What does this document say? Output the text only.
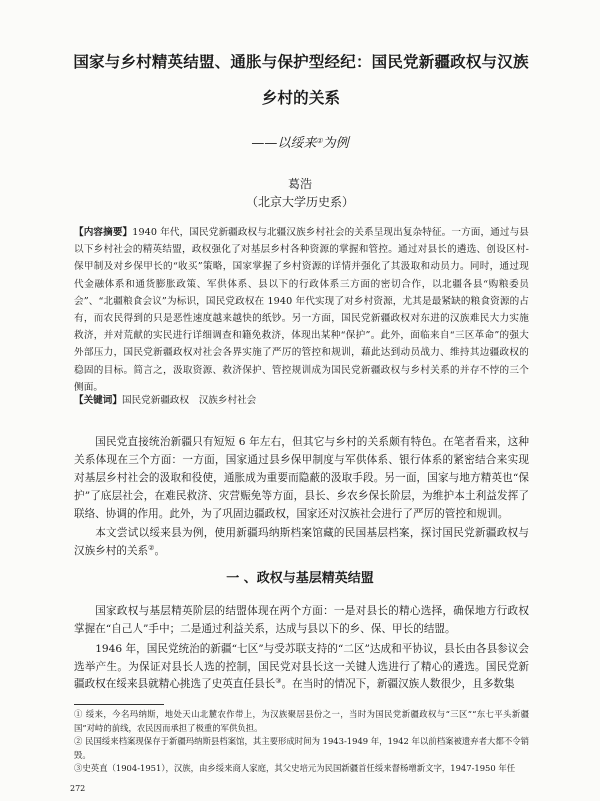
国家与乡村精英结盟、通胀与保护型经纪：国民党新疆政权与汉族乡村的关系
——以绥来①为例
葛浩
（北京大学历史系）
【内容摘要】1940 年代，国民党新疆政权与北疆汉族乡村社会的关系呈现出复杂特征。一方面，通过与县以下乡村社会的精英结盟，政权强化了对基层乡村各种资源的掌握和管控。通过对县长的遴选、创设区村-保甲制及对乡保甲长的“收买”策略，国家掌握了乡村资源的详情并强化了其汲取和动员力。同时，通过现代金融体系和通货膨胀政策、军供体系、县以下的行政体系三方面的密切合作，以北疆各县“购粮委员会”、“北疆粮食会议”为标识，国民党政权在 1940 年代实现了对乡村资源，尤其是最紧缺的粮食资源的占有，而农民得到的只是恶性速度越来越快的纸钞。另一方面，国民党新疆政权对东进的汉族难民大力实施救济，并对荒献的实民进行详细调查和籍免救济，体现出某种“保护”。此外，面临来自“三区革命”的强大外部压力，国民党新疆政权对社会各界实施了严厉的管控和规训，藉此达到动员战力、维持其边疆政权的稳固的目标。简言之，汲取资源、救济保护、管控规训成为国民党新疆政权与乡村关系的并存不悖的三个侧面。
【关键词】国民党新疆政权　汉族乡村社会

国民党直接统治新疆只有短短 6 年左右，但其它与乡村的关系颇有特色。在笔者看来，这种关系体现在三个方面：一方面，国家通过县乡保甲制度与军供体系、银行体系的紧密结合来实现对基层乡村社会的汲取和役使，通胀成为重要而隐蔽的汲取手段。另一面，国家与地方精英也“保护”了底层社会，在难民救济、灾营赈免等方面，县长、乡农乡保长阶层，为维护本土利益发挥了联络、协调的作用。此外，为了巩固边疆政权，国家还对汉族社会进行了严厉的管控和规训。

本文尝试以绥来县为例，使用新疆玛纳斯档案馆藏的民国基层档案，探讨国民党新疆政权与汉族乡村的关系②。

一 、政权与基层精英结盟

国家政权与基层精英阶层的结盟体现在两个方面：一是对县长的精心选择，确保地方行政权掌握在“自己人”手中；二是通过利益关系，达成与县以下的乡、保、甲长的结盟。

1946 年，国民党统治的新疆“七区”与受苏联支持的“二区”达成和平协议，县长由各县参议会选举产生。为保证对县长人选的控制，国民党对县长这一关键人选进行了精心的遴选。国民党新疆政权在绥来县就精心挑选了史英直任县长③。在当时的情况下，新疆汉族人数很少，且多数集

① 绥来，今名玛纳斯，地处天山北麓农作带上，为汉族聚居县份之一，当时为国民党新疆政权与“三区”“东七平头新疆国”对峙的前线，农民因而承担了极重的军供负担。

② 民国绥来档案现保存于新疆玛纳斯县档案馆，其主要形成时间为 1943-1949 年，1942 年以前档案被遗弃者大都不令销毁。

③史英直（1904-1951），汉族，由乡绥来商人家庭，其父史培元为民国新疆首任绥来督杨增新文字，1947-1950 年任

272
